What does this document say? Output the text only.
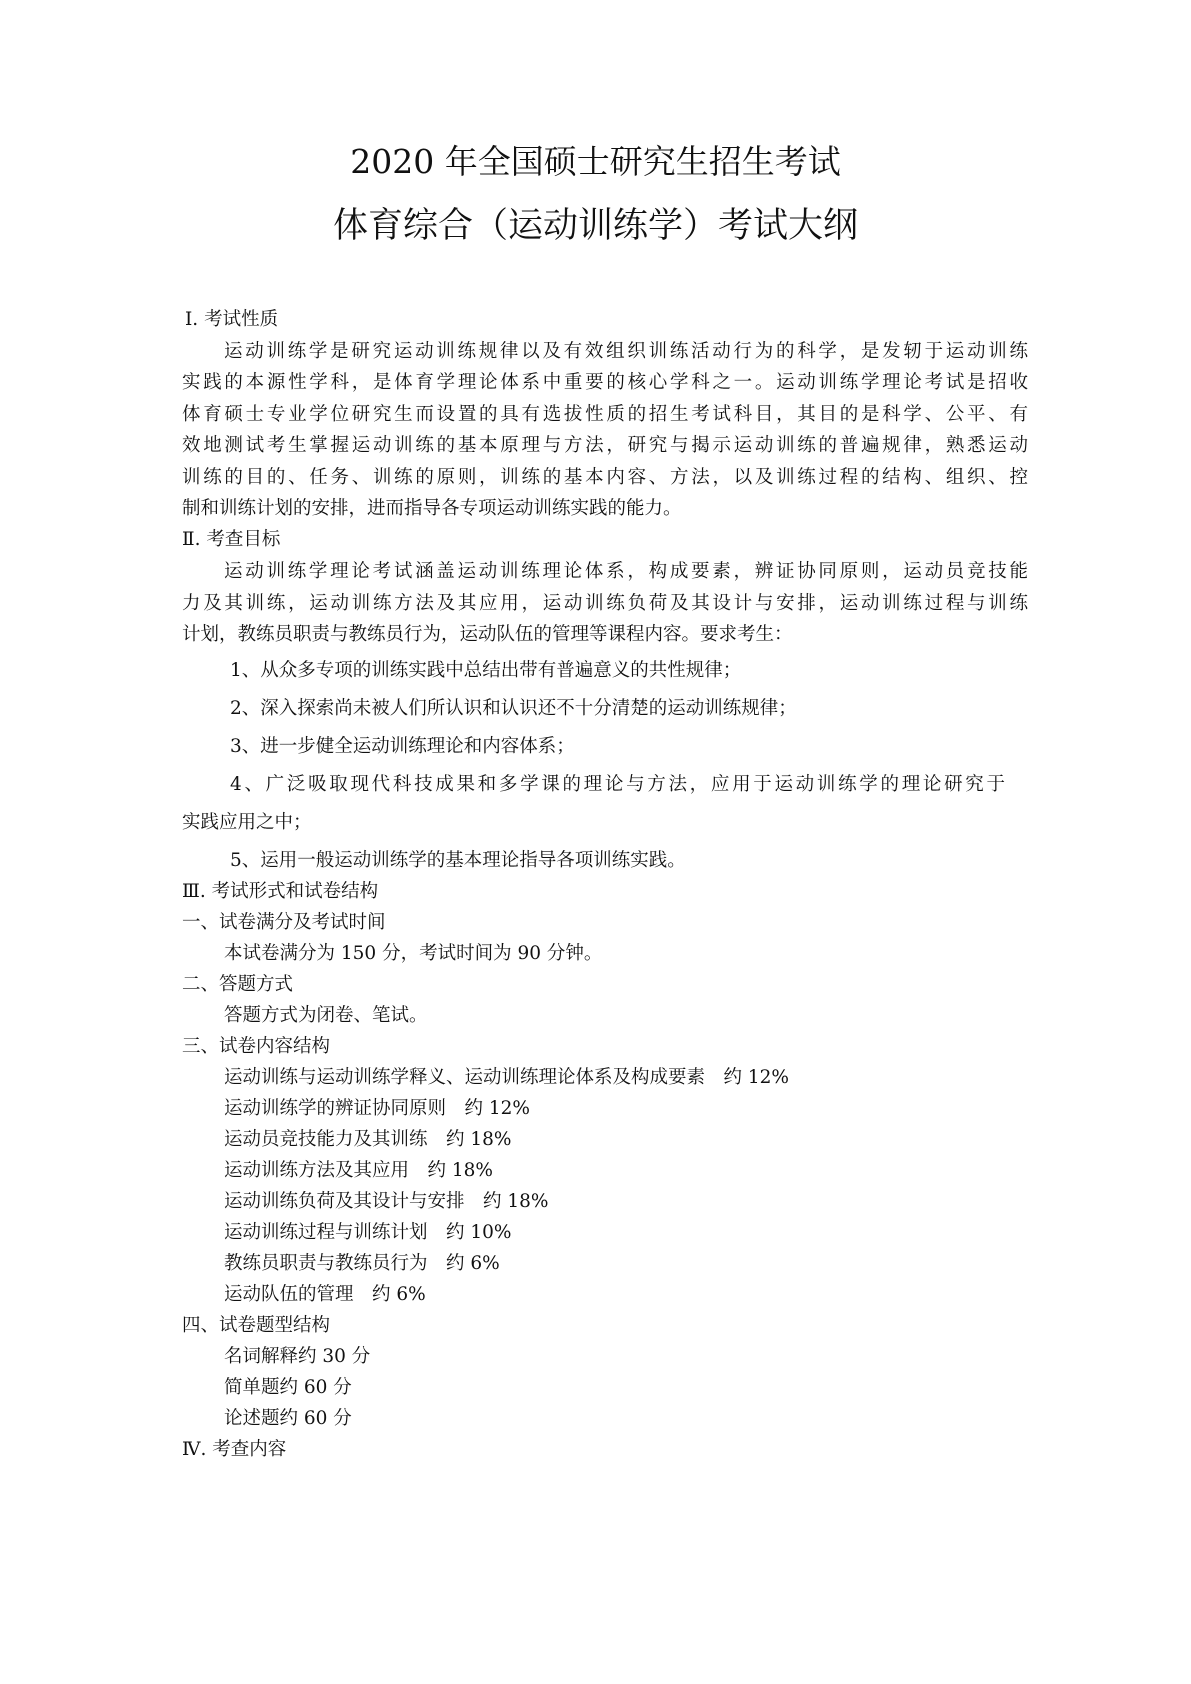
2020 年全国硕士研究生招生考试
体育综合（运动训练学）考试大纲
Ⅰ. 考试性质
运动训练学是研究运动训练规律以及有效组织训练活动行为的科学，是发轫于运动训练
实践的本源性学科，是体育学理论体系中重要的核心学科之一。运动训练学理论考试是招收
体育硕士专业学位研究生而设置的具有选拔性质的招生考试科目，其目的是科学、公平、有
效地测试考生掌握运动训练的基本原理与方法，研究与揭示运动训练的普遍规律，熟悉运动
训练的目的、任务、训练的原则，训练的基本内容、方法，以及训练过程的结构、组织、控
制和训练计划的安排，进而指导各专项运动训练实践的能力。
Ⅱ. 考查目标
运动训练学理论考试涵盖运动训练理论体系，构成要素，辨证协同原则，运动员竞技能
力及其训练，运动训练方法及其应用，运动训练负荷及其设计与安排，运动训练过程与训练
计划，教练员职责与教练员行为，运动队伍的管理等课程内容。要求考生：
1、从众多专项的训练实践中总结出带有普遍意义的共性规律；
2、深入探索尚未被人们所认识和认识还不十分清楚的运动训练规律；
3、进一步健全运动训练理论和内容体系；
4、广泛吸取现代科技成果和多学课的理论与方法，应用于运动训练学的理论研究于
实践应用之中；
5、运用一般运动训练学的基本理论指导各项训练实践。
Ⅲ. 考试形式和试卷结构
一、试卷满分及考试时间
本试卷满分为 150 分，考试时间为 90 分钟。
二、答题方式
答题方式为闭卷、笔试。
三、试卷内容结构
运动训练与运动训练学释义、运动训练理论体系及构成要素　约 12%
运动训练学的辨证协同原则　约 12%
运动员竞技能力及其训练　约 18%
运动训练方法及其应用　约 18%
运动训练负荷及其设计与安排　约 18%
运动训练过程与训练计划　约 10%
教练员职责与教练员行为　约 6%
运动队伍的管理　约 6%
四、试卷题型结构
名词解释约 30 分
简单题约 60 分
论述题约 60 分
Ⅳ. 考查内容
